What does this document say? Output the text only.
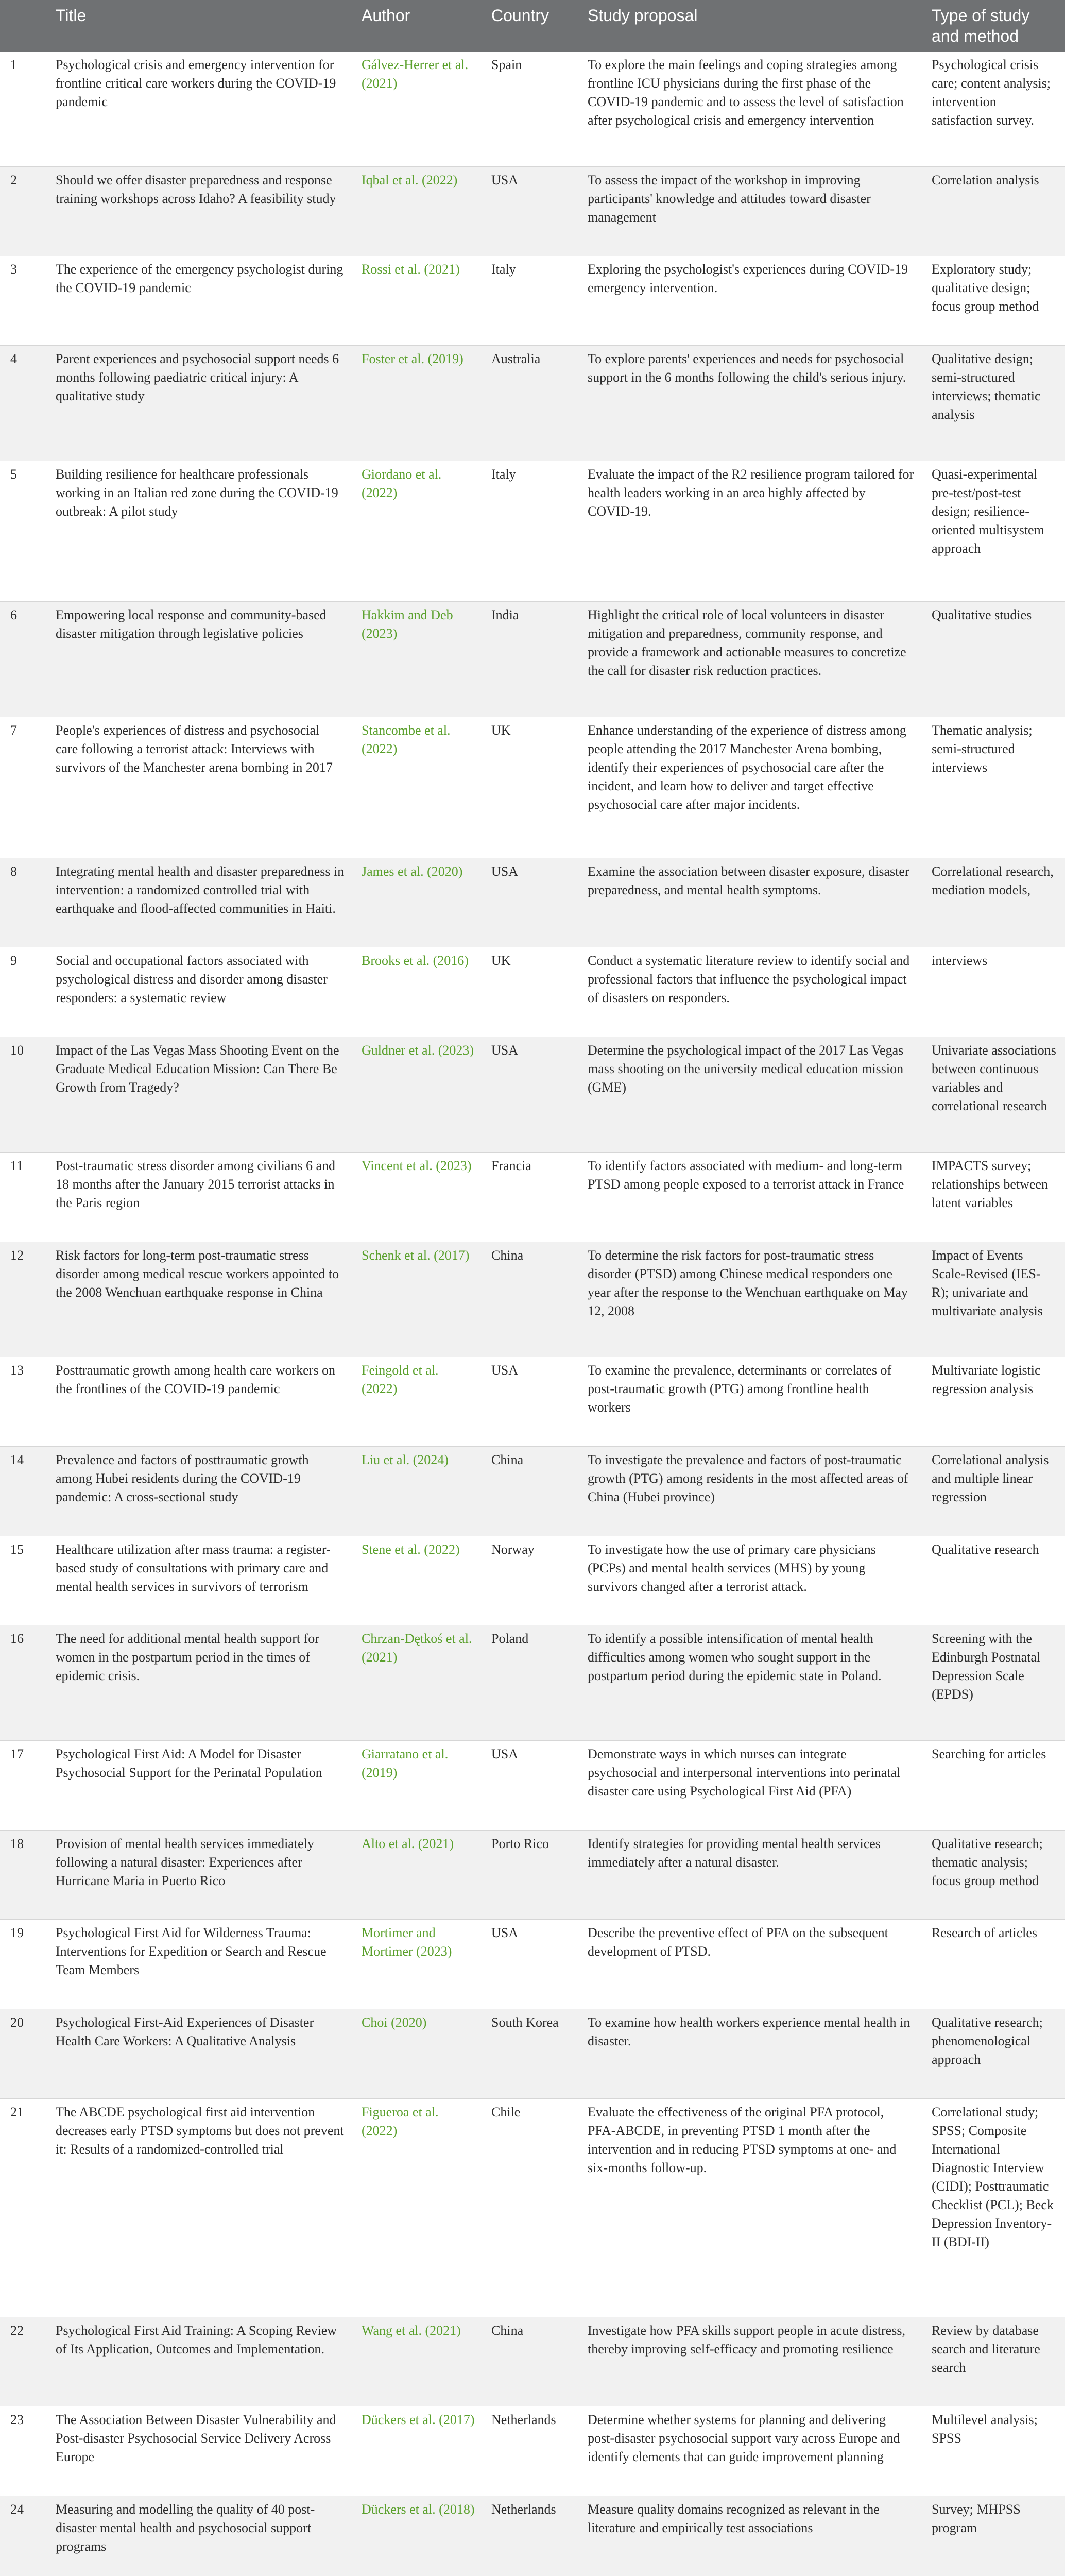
	Title	Author	Country	Study proposal	Type of study and method
1	Psychological crisis and emergency intervention for frontline critical care workers during the COVID-19 pandemic	Gálvez-Herrer et al. (2021)	Spain	To explore the main feelings and coping strategies among frontline ICU physicians during the first phase of the COVID-19 pandemic and to assess the level of satisfaction after psychological crisis and emergency intervention	Psychological crisis care; content analysis; intervention satisfaction survey.
2	Should we offer disaster preparedness and response training workshops across Idaho? A feasibility study	Iqbal et al. (2022)	USA	To assess the impact of the workshop in improving participants' knowledge and attitudes toward disaster management	Correlation analysis
3	The experience of the emergency psychologist during the COVID-19 pandemic	Rossi et al. (2021)	Italy	Exploring the psychologist's experiences during COVID-19 emergency intervention.	Exploratory study; qualitative design; focus group method
4	Parent experiences and psychosocial support needs 6 months following paediatric critical injury: A qualitative study	Foster et al. (2019)	Australia	To explore parents' experiences and needs for psychosocial support in the 6 months following the child's serious injury.	Qualitative design; semi-structured interviews; thematic analysis
5	Building resilience for healthcare professionals working in an Italian red zone during the COVID-19 outbreak: A pilot study	Giordano et al. (2022)	Italy	Evaluate the impact of the R2 resilience program tailored for health leaders working in an area highly affected by COVID-19.	Quasi-experimental pre-test/post-test design; resilience-oriented multisystem approach
6	Empowering local response and community-based disaster mitigation through legislative policies	Hakkim and Deb (2023)	India	Highlight the critical role of local volunteers in disaster mitigation and preparedness, community response, and provide a framework and actionable measures to concretize the call for disaster risk reduction practices.	Qualitative studies
7	People's experiences of distress and psychosocial care following a terrorist attack: Interviews with survivors of the Manchester arena bombing in 2017	Stancombe et al. (2022)	UK	Enhance understanding of the experience of distress among people attending the 2017 Manchester Arena bombing, identify their experiences of psychosocial care after the incident, and learn how to deliver and target effective psychosocial care after major incidents.	Thematic analysis; semi-structured interviews
8	Integrating mental health and disaster preparedness in intervention: a randomized controlled trial with earthquake and flood-affected communities in Haiti.	James et al. (2020)	USA	Examine the association between disaster exposure, disaster preparedness, and mental health symptoms.	Correlational research, mediation models,
9	Social and occupational factors associated with psychological distress and disorder among disaster responders: a systematic review	Brooks et al. (2016)	UK	Conduct a systematic literature review to identify social and professional factors that influence the psychological impact of disasters on responders.	interviews
10	Impact of the Las Vegas Mass Shooting Event on the Graduate Medical Education Mission: Can There Be Growth from Tragedy?	Guldner et al. (2023)	USA	Determine the psychological impact of the 2017 Las Vegas mass shooting on the university medical education mission (GME)	Univariate associations between continuous variables and correlational research
11	Post-traumatic stress disorder among civilians 6 and 18 months after the January 2015 terrorist attacks in the Paris region	Vincent et al. (2023)	Francia	To identify factors associated with medium- and long-term PTSD among people exposed to a terrorist attack in France	IMPACTS survey; relationships between latent variables
12	Risk factors for long-term post-traumatic stress disorder among medical rescue workers appointed to the 2008 Wenchuan earthquake response in China	Schenk et al. (2017)	China	To determine the risk factors for post-traumatic stress disorder (PTSD) among Chinese medical responders one year after the response to the Wenchuan earthquake on May 12, 2008	Impact of Events Scale-Revised (IES-R); univariate and multivariate analysis
13	Posttraumatic growth among health care workers on the frontlines of the COVID-19 pandemic	Feingold et al. (2022)	USA	To examine the prevalence, determinants or correlates of post-traumatic growth (PTG) among frontline health workers	Multivariate logistic regression analysis
14	Prevalence and factors of posttraumatic growth among Hubei residents during the COVID-19 pandemic: A cross-sectional study	Liu et al. (2024)	China	To investigate the prevalence and factors of post-traumatic growth (PTG) among residents in the most affected areas of China (Hubei province)	Correlational analysis and multiple linear regression
15	Healthcare utilization after mass trauma: a register-based study of consultations with primary care and mental health services in survivors of terrorism	Stene et al. (2022)	Norway	To investigate how the use of primary care physicians (PCPs) and mental health services (MHS) by young survivors changed after a terrorist attack.	Qualitative research
16	The need for additional mental health support for women in the postpartum period in the times of epidemic crisis.	Chrzan-Dętkoś et al. (2021)	Poland	To identify a possible intensification of mental health difficulties among women who sought support in the postpartum period during the epidemic state in Poland.	Screening with the Edinburgh Postnatal Depression Scale (EPDS)
17	Psychological First Aid: A Model for Disaster Psychosocial Support for the Perinatal Population	Giarratano et al. (2019)	USA	Demonstrate ways in which nurses can integrate psychosocial and interpersonal interventions into perinatal disaster care using Psychological First Aid (PFA)	Searching for articles
18	Provision of mental health services immediately following a natural disaster: Experiences after Hurricane Maria in Puerto Rico	Alto et al. (2021)	Porto Rico	Identify strategies for providing mental health services immediately after a natural disaster.	Qualitative research; thematic analysis; focus group method
19	Psychological First Aid for Wilderness Trauma: Interventions for Expedition or Search and Rescue Team Members	Mortimer and Mortimer (2023)	USA	Describe the preventive effect of PFA on the subsequent development of PTSD.	Research of articles
20	Psychological First-Aid Experiences of Disaster Health Care Workers: A Qualitative Analysis	Choi (2020)	South Korea	To examine how health workers experience mental health in disaster.	Qualitative research; phenomenological approach
21	The ABCDE psychological first aid intervention decreases early PTSD symptoms but does not prevent it: Results of a randomized-controlled trial	Figueroa et al. (2022)	Chile	Evaluate the effectiveness of the original PFA protocol, PFA-ABCDE, in preventing PTSD 1 month after the intervention and in reducing PTSD symptoms at one- and six-months follow-up.	Correlational study; SPSS; Composite International Diagnostic Interview (CIDI); Posttraumatic Checklist (PCL); Beck Depression Inventory-II (BDI-II)
22	Psychological First Aid Training: A Scoping Review of Its Application, Outcomes and Implementation.	Wang et al. (2021)	China	Investigate how PFA skills support people in acute distress, thereby improving self-efficacy and promoting resilience	Review by database search and literature search
23	The Association Between Disaster Vulnerability and Post-disaster Psychosocial Service Delivery Across Europe	Dückers et al. (2017)	Netherlands	Determine whether systems for planning and delivering post-disaster psychosocial support vary across Europe and identify elements that can guide improvement planning	Multilevel analysis; SPSS
24	Measuring and modelling the quality of 40 post-disaster mental health and psychosocial support programs	Dückers et al. (2018)	Netherlands	Measure quality domains recognized as relevant in the literature and empirically test associations	Survey; MHPSS program
